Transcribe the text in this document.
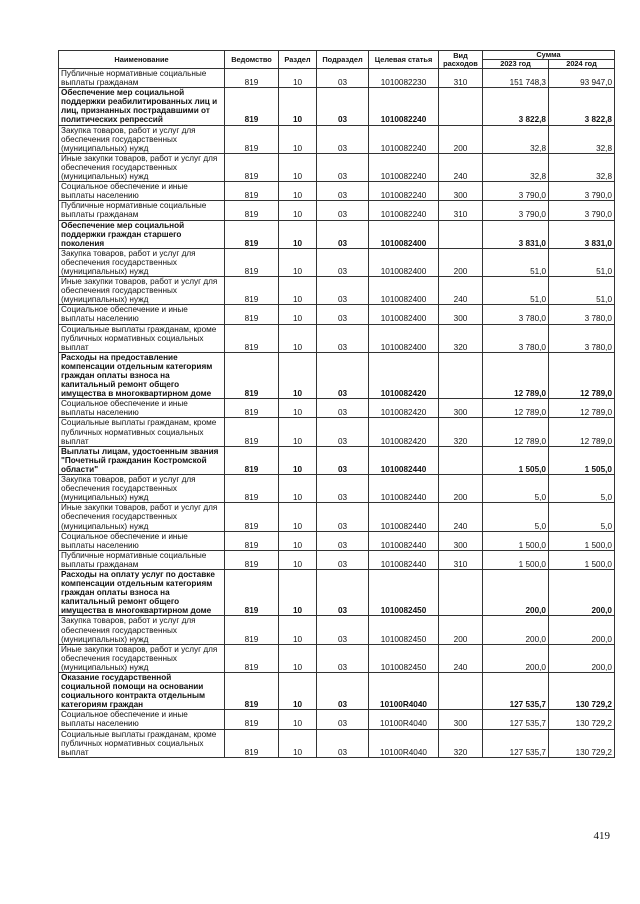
Наименование	Ведомство	Раздел	Подраздел	Целевая статья	Вид расходов	Сумма	
						2023 год	2024 год
Публичные нормативные социальные выплаты гражданам	819	10	03	1010082230	310	151 748,3	93 947,0
Обеспечение мер социальной поддержки реабилитированных лиц и лиц, признанных пострадавшими от политических репрессий	819	10	03	1010082240		3 822,8	3 822,8
Закупка товаров, работ и услуг для обеспечения государственных (муниципальных) нужд	819	10	03	1010082240	200	32,8	32,8
Иные закупки товаров, работ и услуг для обеспечения государственных (муниципальных) нужд	819	10	03	1010082240	240	32,8	32,8
Социальное обеспечение и иные выплаты населению	819	10	03	1010082240	300	3 790,0	3 790,0
Публичные нормативные социальные выплаты гражданам	819	10	03	1010082240	310	3 790,0	3 790,0
Обеспечение мер социальной поддержки граждан старшего поколения	819	10	03	1010082400		3 831,0	3 831,0
Закупка товаров, работ и услуг для обеспечения государственных (муниципальных) нужд	819	10	03	1010082400	200	51,0	51,0
Иные закупки товаров, работ и услуг для обеспечения государственных (муниципальных) нужд	819	10	03	1010082400	240	51,0	51,0
Социальное обеспечение и иные выплаты населению	819	10	03	1010082400	300	3 780,0	3 780,0
Социальные выплаты гражданам, кроме публичных нормативных социальных выплат	819	10	03	1010082400	320	3 780,0	3 780,0
Расходы на предоставление компенсации отдельным категориям граждан оплаты взноса на капитальный ремонт общего имущества в многоквартирном доме	819	10	03	1010082420		12 789,0	12 789,0
Социальное обеспечение и иные выплаты населению	819	10	03	1010082420	300	12 789,0	12 789,0
Социальные выплаты гражданам, кроме публичных нормативных социальных выплат	819	10	03	1010082420	320	12 789,0	12 789,0
Выплаты лицам, удостоенным звания "Почетный гражданин Костромской области"	819	10	03	1010082440		1 505,0	1 505,0
Закупка товаров, работ и услуг для обеспечения государственных (муниципальных) нужд	819	10	03	1010082440	200	5,0	5,0
Иные закупки товаров, работ и услуг для обеспечения государственных (муниципальных) нужд	819	10	03	1010082440	240	5,0	5,0
Социальное обеспечение и иные выплаты населению	819	10	03	1010082440	300	1 500,0	1 500,0
Публичные нормативные социальные выплаты гражданам	819	10	03	1010082440	310	1 500,0	1 500,0
Расходы на оплату услуг по доставке компенсации отдельным категориям граждан оплаты взноса на капитальный ремонт общего имущества в многоквартирном доме	819	10	03	1010082450		200,0	200,0
Закупка товаров, работ и услуг для обеспечения государственных (муниципальных) нужд	819	10	03	1010082450	200	200,0	200,0
Иные закупки товаров, работ и услуг для обеспечения государственных (муниципальных) нужд	819	10	03	1010082450	240	200,0	200,0
Оказание государственной социальной помощи на основании социального контракта отдельным категориям граждан	819	10	03	10100R4040		127 535,7	130 729,2
Социальное обеспечение и иные выплаты населению	819	10	03	10100R4040	300	127 535,7	130 729,2
Социальные выплаты гражданам, кроме публичных нормативных социальных выплат	819	10	03	10100R4040	320	127 535,7	130 729,2
419
